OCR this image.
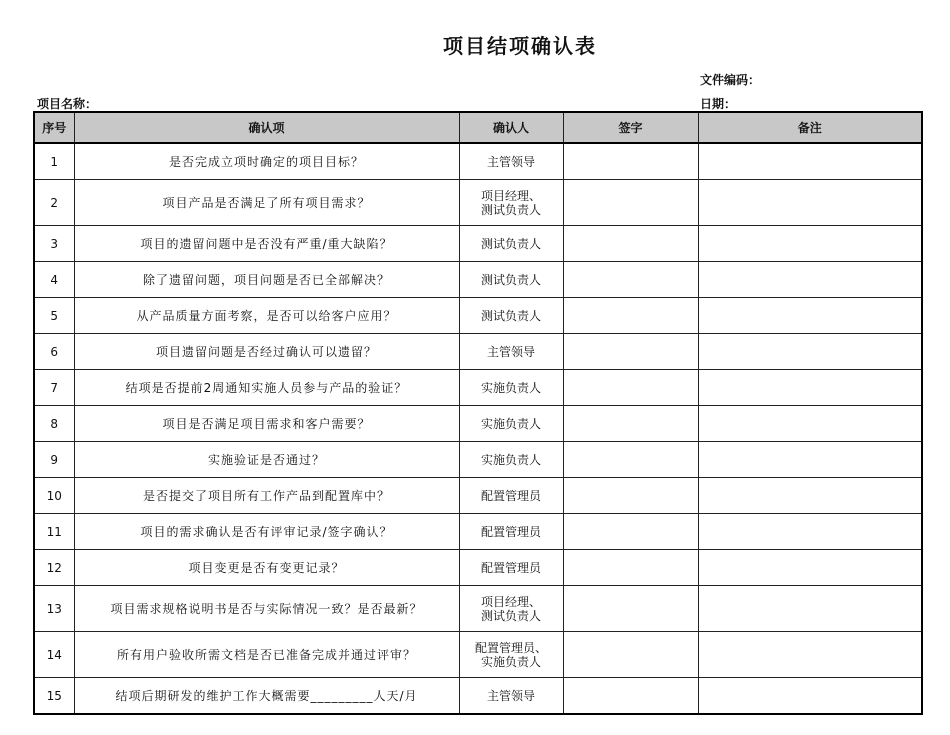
项目结项确认表
文件编码：
项目名称：	日期：
序号	确认项	确认人	签字	备注
1	是否完成立项时确定的项目目标？	主管领导		
2	项目产品是否满足了所有项目需求？	项目经理、
测试负责人		
3	项目的遗留问题中是否没有严重/重大缺陷？	测试负责人		
4	除了遗留问题，项目问题是否已全部解决？	测试负责人		
5	从产品质量方面考察，是否可以给客户应用？	测试负责人		
6	项目遗留问题是否经过确认可以遗留？	主管领导		
7	结项是否提前2周通知实施人员参与产品的验证？	实施负责人		
8	项目是否满足项目需求和客户需要？	实施负责人		
9	实施验证是否通过？	实施负责人		
10	是否提交了项目所有工作产品到配置库中？	配置管理员		
11	项目的需求确认是否有评审记录/签字确认？	配置管理员		
12	项目变更是否有变更记录？	配置管理员		
13	项目需求规格说明书是否与实际情况一致？是否最新？	项目经理、
测试负责人		
14	所有用户验收所需文档是否已准备完成并通过评审？	配置管理员、
实施负责人		
15	结项后期研发的维护工作大概需要_________人天/月	主管领导		
